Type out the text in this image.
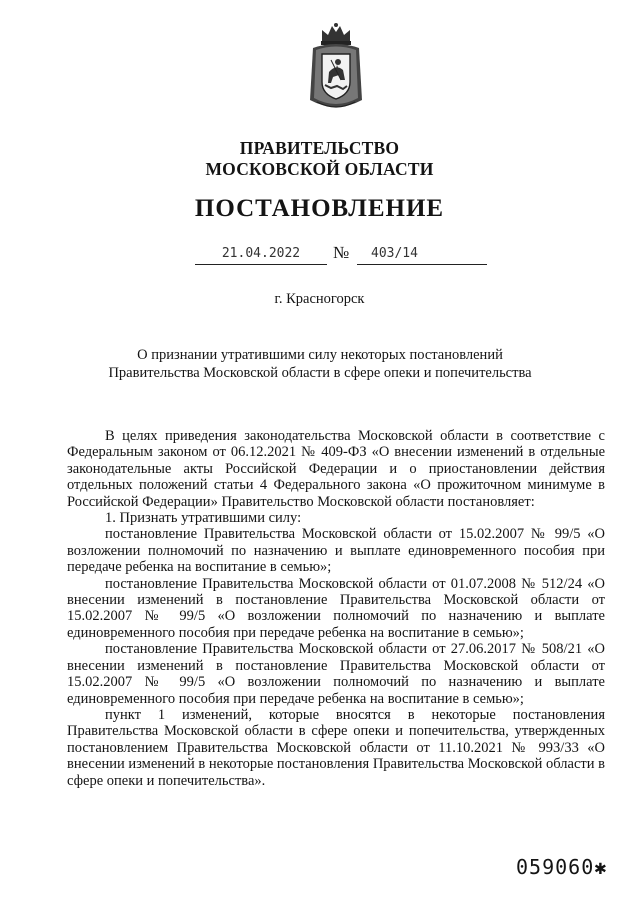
ПРАВИТЕЛЬСТВО
МОСКОВСКОЙ ОБЛАСТИ
ПОСТАНОВЛЕНИЕ
21.04.2022	№	403/14
г. Красногорск
О признании утратившими силу некоторых постановлений
Правительства Московской области в сфере опеки и попечительства

В целях приведения законодательства Московской области в соответствие с Федеральным законом от 06.12.2021 № 409-ФЗ «О внесении изменений в отдельные законодательные акты Российской Федерации и о приостановлении действия отдельных положений статьи 4 Федерального закона «О прожиточном минимуме в Российской Федерации» Правительство Московской области постановляет:

1. Признать утратившими силу:

постановление Правительства Московской области от 15.02.2007 № 99/5 «О возложении полномочий по назначению и выплате единовременного пособия при передаче ребенка на воспитание в семью»;

постановление Правительства Московской области от 01.07.2008 № 512/24 «О внесении изменений в постановление Правительства Московской области от 15.02.2007 № 99/5 «О возложении полномочий по назначению и выплате единовременного пособия при передаче ребенка на воспитание в семью»;

постановление Правительства Московской области от 27.06.2017 № 508/21 «О внесении изменений в постановление Правительства Московской области от 15.02.2007 № 99/5 «О возложении полномочий по назначению и выплате единовременного пособия при передаче ребенка на воспитание в семью»;

пункт 1 изменений, которые вносятся в некоторые постановления Правительства Московской области в сфере опеки и попечительства, утвержденных постановлением Правительства Московской области от 11.10.2021 № 993/33 «О внесении изменений в некоторые постановления Правительства Московской области в сфере опеки и попечительства».

059060✱
